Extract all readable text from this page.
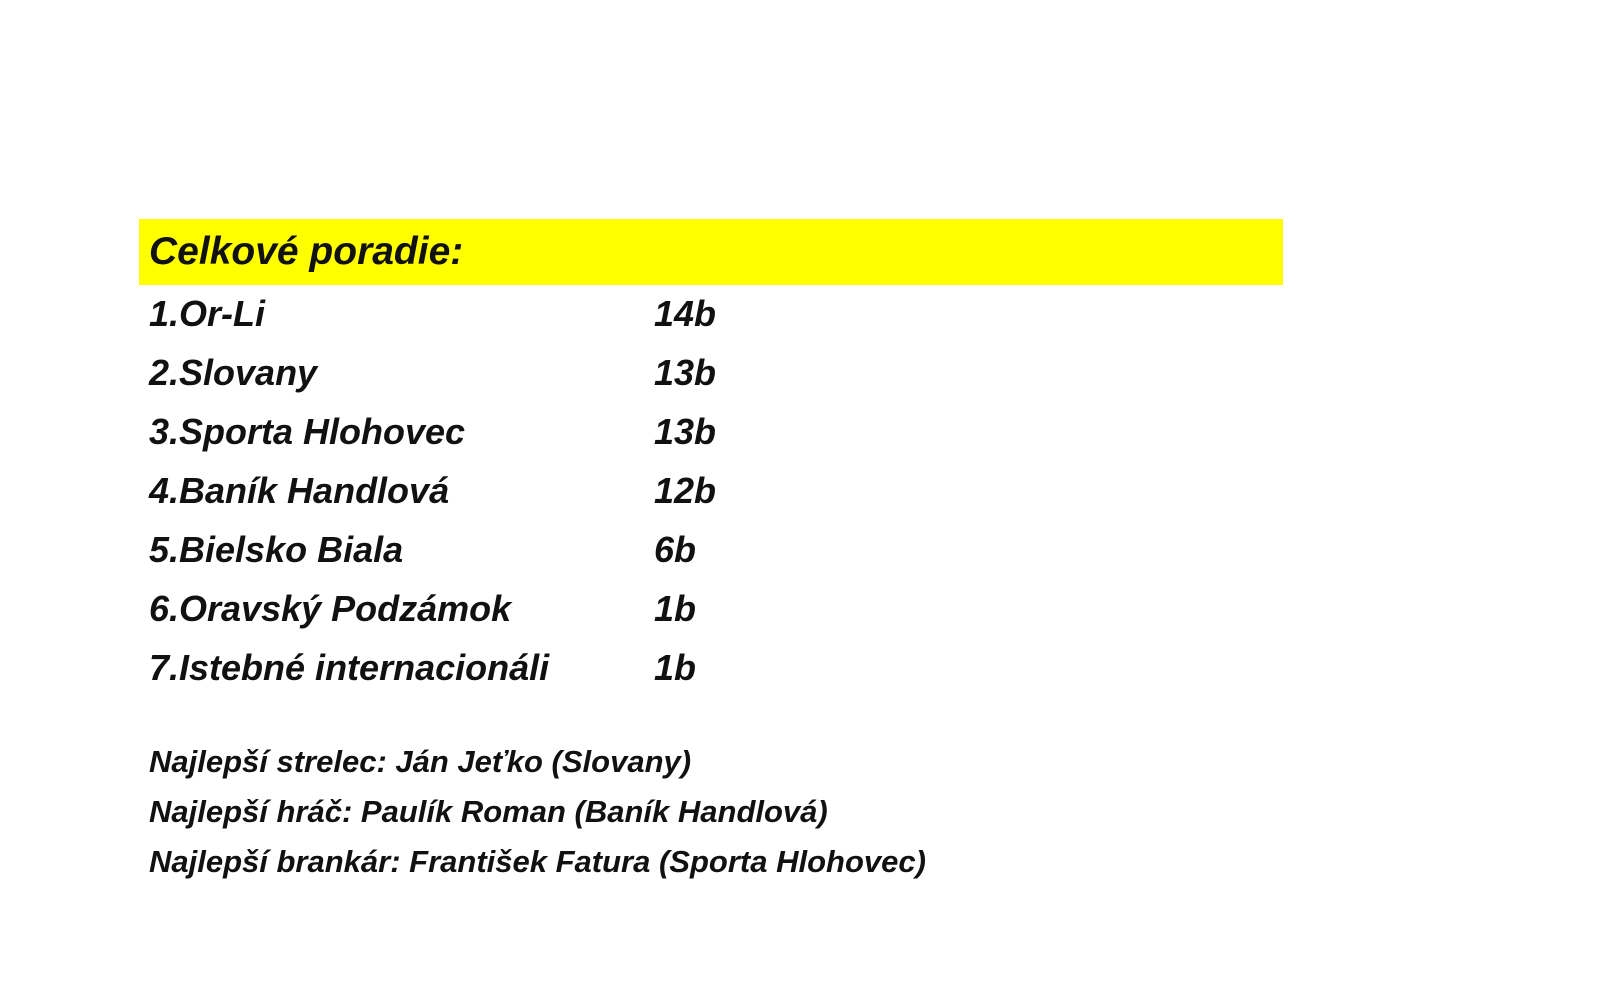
Celkové poradie:
1.Or-Li	14b
2.Slovany	13b
3.Sporta Hlohovec	13b
4.Baník Handlová	12b
5.Bielsko Biala	6b
6.Oravský Podzámok	1b
7.Istebné internacionáli	1b
Najlepší strelec: Ján Jeťko (Slovany)
Najlepší hráč: Paulík Roman (Baník Handlová)
Najlepší brankár: František Fatura (Sporta Hlohovec)
